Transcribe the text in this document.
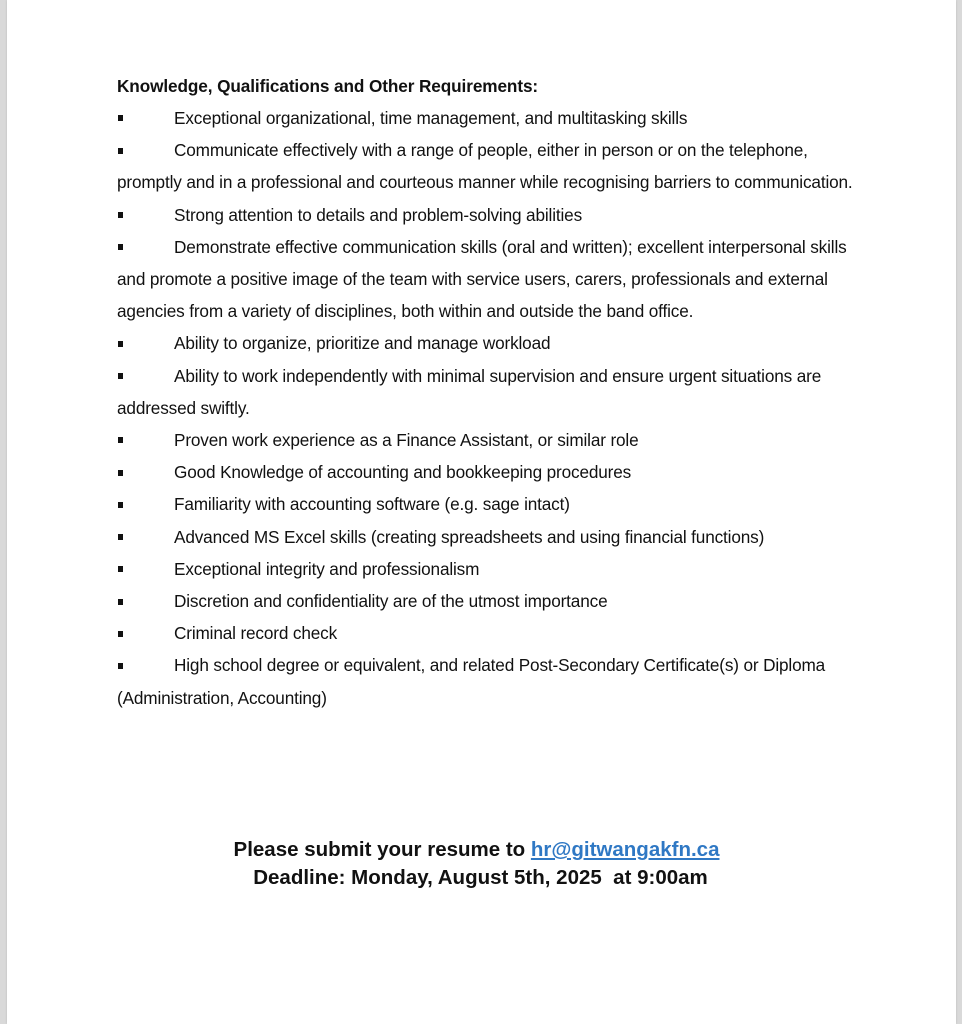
Knowledge, Qualifications and Other Requirements:
Exceptional organizational, time management, and multitasking skills
Communicate effectively with a range of people, either in person or on the telephone, promptly and in a professional and courteous manner while recognising barriers to communication.
Strong attention to details and problem-solving abilities
Demonstrate effective communication skills (oral and written); excellent interpersonal skills and promote a positive image of the team with service users, carers, professionals and external agencies from a variety of disciplines, both within and outside the band office.
Ability to organize, prioritize and manage workload
Ability to work independently with minimal supervision and ensure urgent situations are addressed swiftly.
Proven work experience as a Finance Assistant, or similar role
Good Knowledge of accounting and bookkeeping procedures
Familiarity with accounting software (e.g. sage intact)
Advanced MS Excel skills (creating spreadsheets and using financial functions)
Exceptional integrity and professionalism
Discretion and confidentiality are of the utmost importance
Criminal record check
High school degree or equivalent, and related Post-Secondary Certificate(s) or Diploma (Administration, Accounting)
Please submit your resume to hr@gitwangakfn.ca
Deadline: Monday, August 5th, 2025  at 9:00am
